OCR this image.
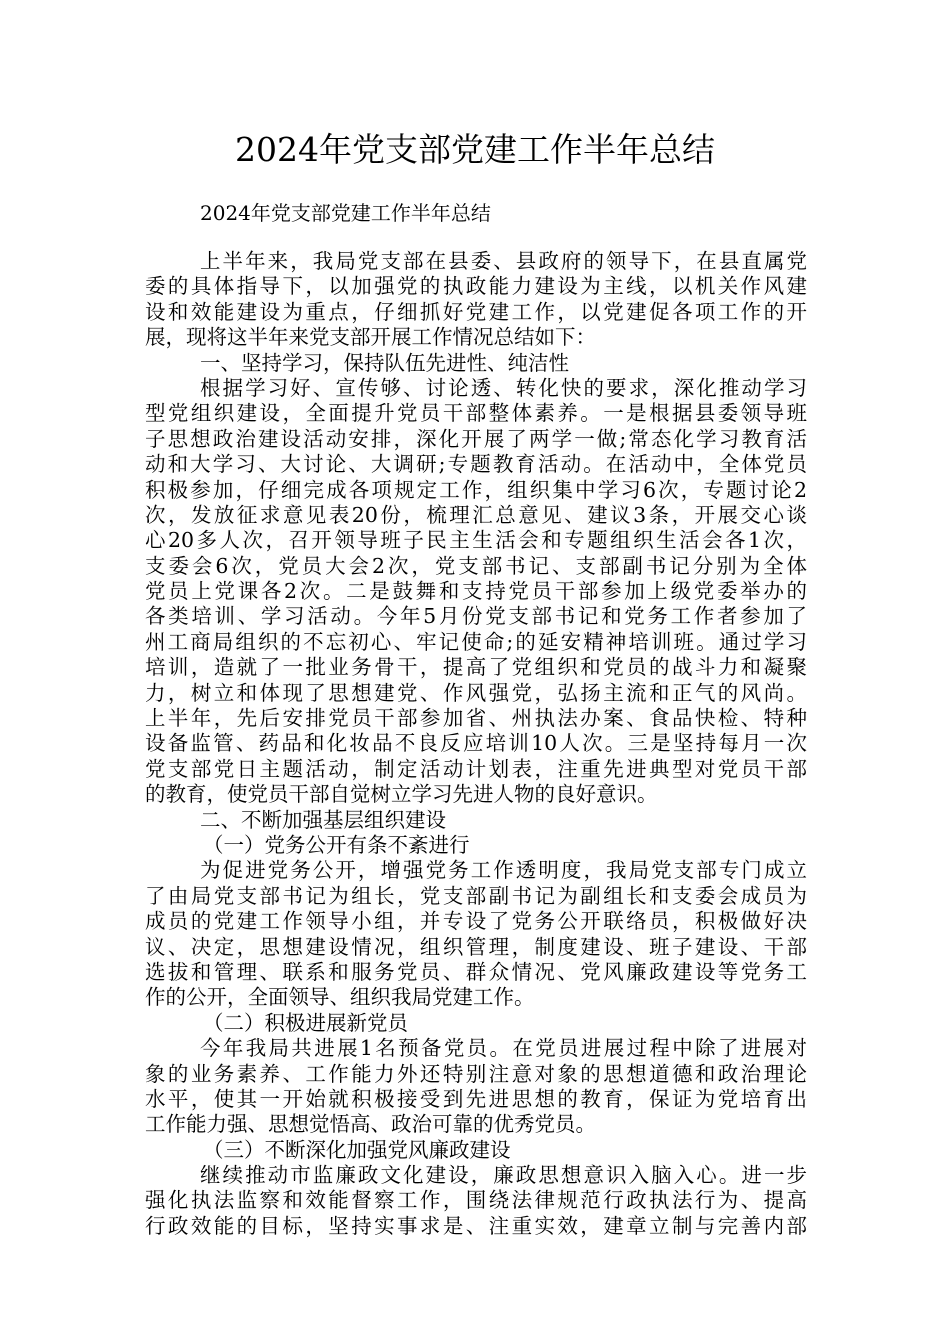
2024年党支部党建工作半年总结

2024年党支部党建工作半年总结

上半年来，我局党支部在县委、县政府的领导下，在县直属党
委的具体指导下，以加强党的执政能力建设为主线，以机关作风建
设和效能建设为重点，仔细抓好党建工作，以党建促各项工作的开
展，现将这半年来党支部开展工作情况总结如下：
一、坚持学习，保持队伍先进性、纯洁性
根据学习好、宣传够、讨论透、转化快的要求，深化推动学习
型党组织建设，全面提升党员干部整体素养。一是根据县委领导班
子思想政治建设活动安排，深化开展了两学一做;常态化学习教育活
动和大学习、大讨论、大调研;专题教育活动。在活动中，全体党员
积极参加，仔细完成各项规定工作，组织集中学习6次，专题讨论2
次，发放征求意见表20份，梳理汇总意见、建议3条，开展交心谈
心20多人次，召开领导班子民主生活会和专题组织生活会各1次，
支委会6次，党员大会2次，党支部书记、支部副书记分别为全体
党员上党课各2次。二是鼓舞和支持党员干部参加上级党委举办的
各类培训、学习活动。今年5月份党支部书记和党务工作者参加了
州工商局组织的不忘初心、牢记使命;的延安精神培训班。通过学习
培训，造就了一批业务骨干，提高了党组织和党员的战斗力和凝聚
力，树立和体现了思想建党、作风强党，弘扬主流和正气的风尚。
上半年，先后安排党员干部参加省、州执法办案、食品快检、特种
设备监管、药品和化妆品不良反应培训10人次。三是坚持每月一次
党支部党日主题活动，制定活动计划表，注重先进典型对党员干部
的教育，使党员干部自觉树立学习先进人物的良好意识。
二、不断加强基层组织建设
（一）党务公开有条不紊进行
为促进党务公开，增强党务工作透明度，我局党支部专门成立
了由局党支部书记为组长，党支部副书记为副组长和支委会成员为
成员的党建工作领导小组，并专设了党务公开联络员，积极做好决
议、决定，思想建设情况，组织管理，制度建设、班子建设、干部
选拔和管理、联系和服务党员、群众情况、党风廉政建设等党务工
作的公开，全面领导、组织我局党建工作。
（二）积极进展新党员
今年我局共进展1名预备党员。在党员进展过程中除了进展对
象的业务素养、工作能力外还特别注意对象的思想道德和政治理论
水平，使其一开始就积极接受到先进思想的教育，保证为党培育出
工作能力强、思想觉悟高、政治可靠的优秀党员。
（三）不断深化加强党风廉政建设
继续推动市监廉政文化建设，廉政思想意识入脑入心。进一步
强化执法监察和效能督察工作，围绕法律规范行政执法行为、提高
行政效能的目标，坚持实事求是、注重实效，建章立制与完善内部
